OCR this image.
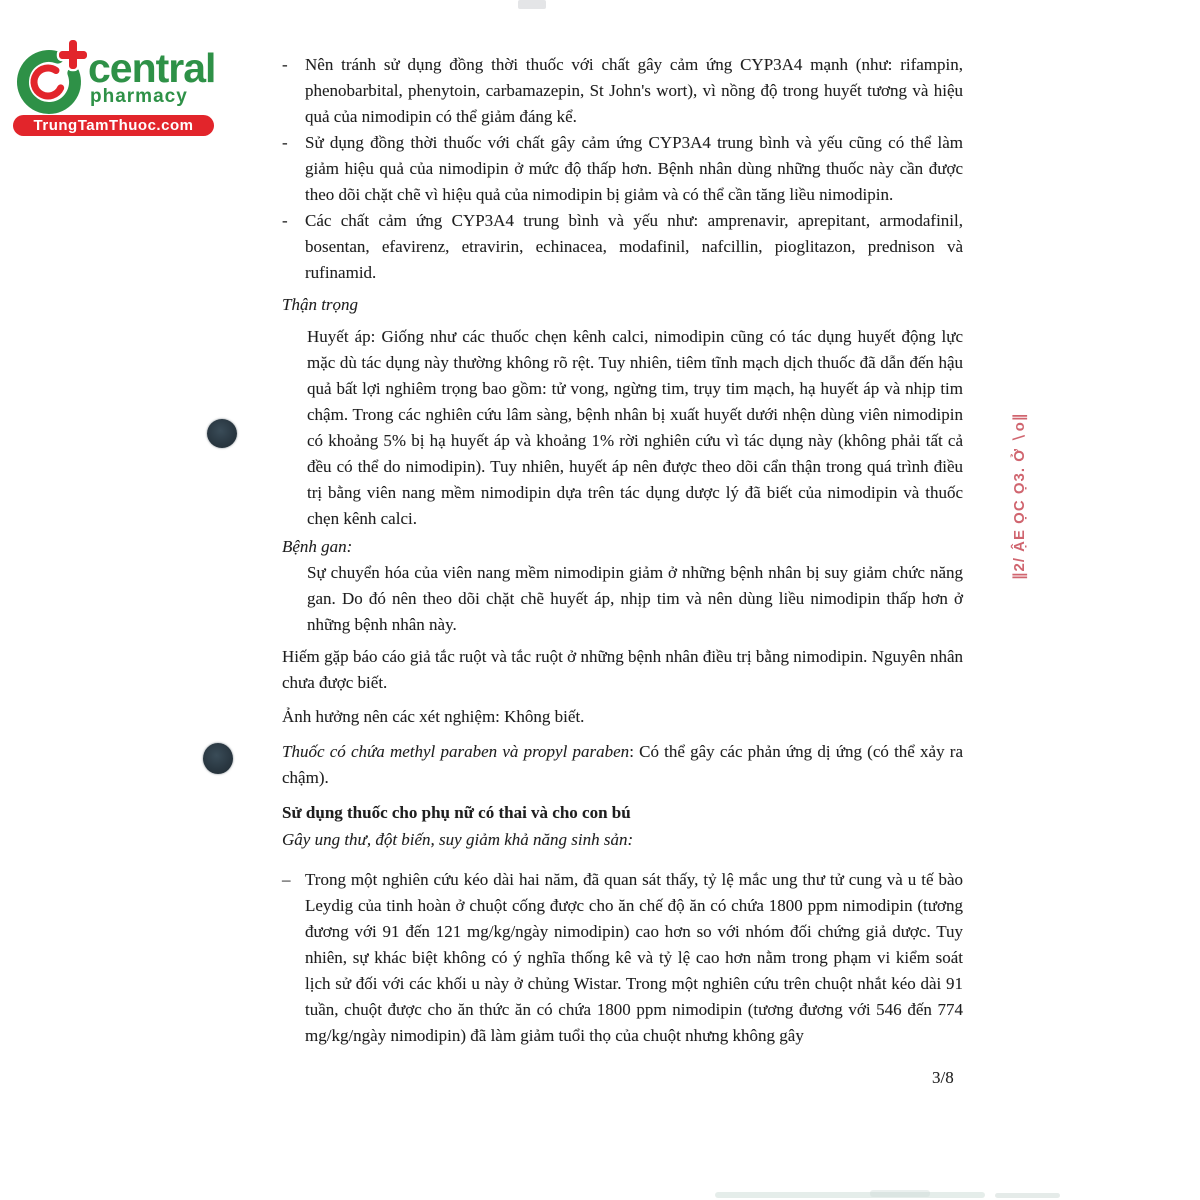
central
pharmacy
TrungTamThuoc.com
∥2/ ẬE ỌC Ọ3. Ở ∖o∥
-	Nên tránh sử dụng đồng thời thuốc với chất gây cảm ứng CYP3A4 mạnh (như: rifampin, phenobarbital, phenytoin, carbamazepin, St John's wort), vì nồng độ trong huyết tương và hiệu quả của nimodipin có thể giảm đáng kể.
-	Sử dụng đồng thời thuốc với chất gây cảm ứng CYP3A4 trung bình và yếu cũng có thể làm giảm hiệu quả của nimodipin ở mức độ thấp hơn. Bệnh nhân dùng những thuốc này cần được theo dõi chặt chẽ vì hiệu quả của nimodipin bị giảm và có thể cần tăng liều nimodipin.
-	Các chất cảm ứng CYP3A4 trung bình và yếu như: amprenavir, aprepitant, armodafinil, bosentan, efavirenz, etravirin, echinacea, modafinil, nafcillin, pioglitazon, prednison và rufinamid.
Thận trọng
Huyết áp: Giống như các thuốc chẹn kênh calci, nimodipin cũng có tác dụng huyết động lực mặc dù tác dụng này thường không rõ rệt. Tuy nhiên, tiêm tĩnh mạch dịch thuốc đã dẫn đến hậu quả bất lợi nghiêm trọng bao gồm: tử vong, ngừng tim, trụy tim mạch, hạ huyết áp và nhịp tim chậm. Trong các nghiên cứu lâm sàng, bệnh nhân bị xuất huyết dưới nhện dùng viên nimodipin có khoảng 5% bị hạ huyết áp và khoảng 1% rời nghiên cứu vì tác dụng này (không phải tất cả đều có thể do nimodipin). Tuy nhiên, huyết áp nên được theo dõi cẩn thận trong quá trình điều trị bằng viên nang mềm nimodipin dựa trên tác dụng dược lý đã biết của nimodipin và thuốc chẹn kênh calci.
Bệnh gan:
Sự chuyển hóa của viên nang mềm nimodipin giảm ở những bệnh nhân bị suy giảm chức năng gan. Do đó nên theo dõi chặt chẽ huyết áp, nhịp tim và nên dùng liều nimodipin thấp hơn ở những bệnh nhân này.
Hiếm gặp báo cáo giả tắc ruột và tắc ruột ở những bệnh nhân điều trị bằng nimodipin. Nguyên nhân chưa được biết.
Ảnh hưởng nên các xét nghiệm: Không biết.
Thuốc có chứa methyl paraben và propyl paraben: Có thể gây các phản ứng dị ứng (có thể xảy ra chậm).
Sử dụng thuốc cho phụ nữ có thai và cho con bú
Gây ung thư, đột biến, suy giảm khả năng sinh sản:
– Trong một nghiên cứu kéo dài hai năm, đã quan sát thấy, tỷ lệ mắc ung thư tử cung và u tế bào Leydig của tinh hoàn ở chuột cống được cho ăn chế độ ăn có chứa 1800 ppm nimodipin (tương đương với 91 đến 121 mg/kg/ngày nimodipin) cao hơn so với nhóm đối chứng giả dược. Tuy nhiên, sự khác biệt không có ý nghĩa thống kê và tỷ lệ cao hơn nằm trong phạm vi kiểm soát lịch sử đối với các khối u này ở chủng Wistar. Trong một nghiên cứu trên chuột nhắt kéo dài 91 tuần, chuột được cho ăn thức ăn có chứa 1800 ppm nimodipin (tương đương với 546 đến 774 mg/kg/ngày nimodipin) đã làm giảm tuổi thọ của chuột nhưng không gây
3/8
